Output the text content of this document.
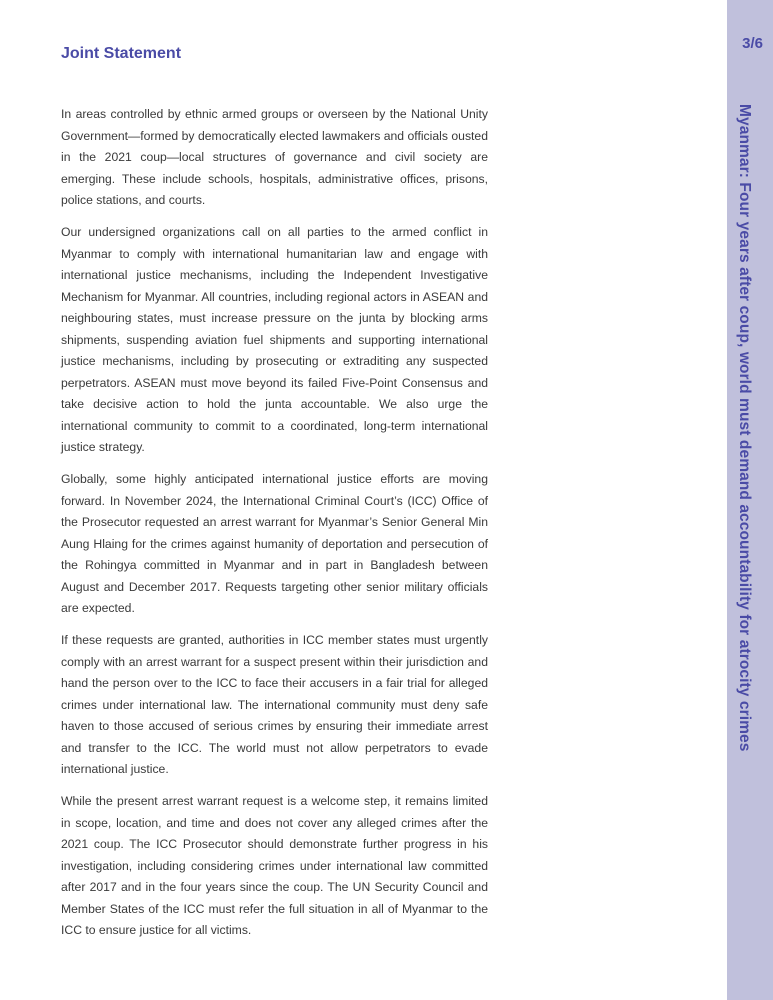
Joint Statement

In areas controlled by ethnic armed groups or overseen by the National Unity Government—formed by democratically elected lawmakers and officials ousted in the 2021 coup—local structures of governance and civil society are emerging. These include schools, hospitals, administrative offices, prisons, police stations, and courts.

Our undersigned organizations call on all parties to the armed conflict in Myanmar to comply with international humanitarian law and engage with international justice mechanisms, including the Independent Investigative Mechanism for Myanmar. All countries, including regional actors in ASEAN and neighbouring states, must increase pressure on the junta by blocking arms shipments, suspending aviation fuel shipments and supporting international justice mechanisms, including by prosecuting or extraditing any suspected perpetrators. ASEAN must move beyond its failed Five-Point Consensus and take decisive action to hold the junta accountable. We also urge the international community to commit to a coordinated, long-term international justice strategy.

Globally, some highly anticipated international justice efforts are moving forward. In November 2024, the International Criminal Court’s (ICC) Office of the Prosecutor requested an arrest warrant for Myanmar’s Senior General Min Aung Hlaing for the crimes against humanity of deportation and persecution of the Rohingya committed in Myanmar and in part in Bangladesh between August and December 2017. Requests targeting other senior military officials are expected.

If these requests are granted, authorities in ICC member states must urgently comply with an arrest warrant for a suspect present within their jurisdiction and hand the person over to the ICC to face their accusers in a fair trial for alleged crimes under international law. The international community must deny safe haven to those accused of serious crimes by ensuring their immediate arrest and transfer to the ICC. The world must not allow perpetrators to evade international justice.

While the present arrest warrant request is a welcome step, it remains limited in scope, location, and time and does not cover any alleged crimes after the 2021 coup. The ICC Prosecutor should demonstrate further progress in his investigation, including considering crimes under international law committed after 2017 and in the four years since the coup. The UN Security Council and Member States of the ICC must refer the full situation in all of Myanmar to the ICC to ensure justice for all victims.

3/6
Myanmar: Four years after coup, world must demand accountability for atrocity crimes
